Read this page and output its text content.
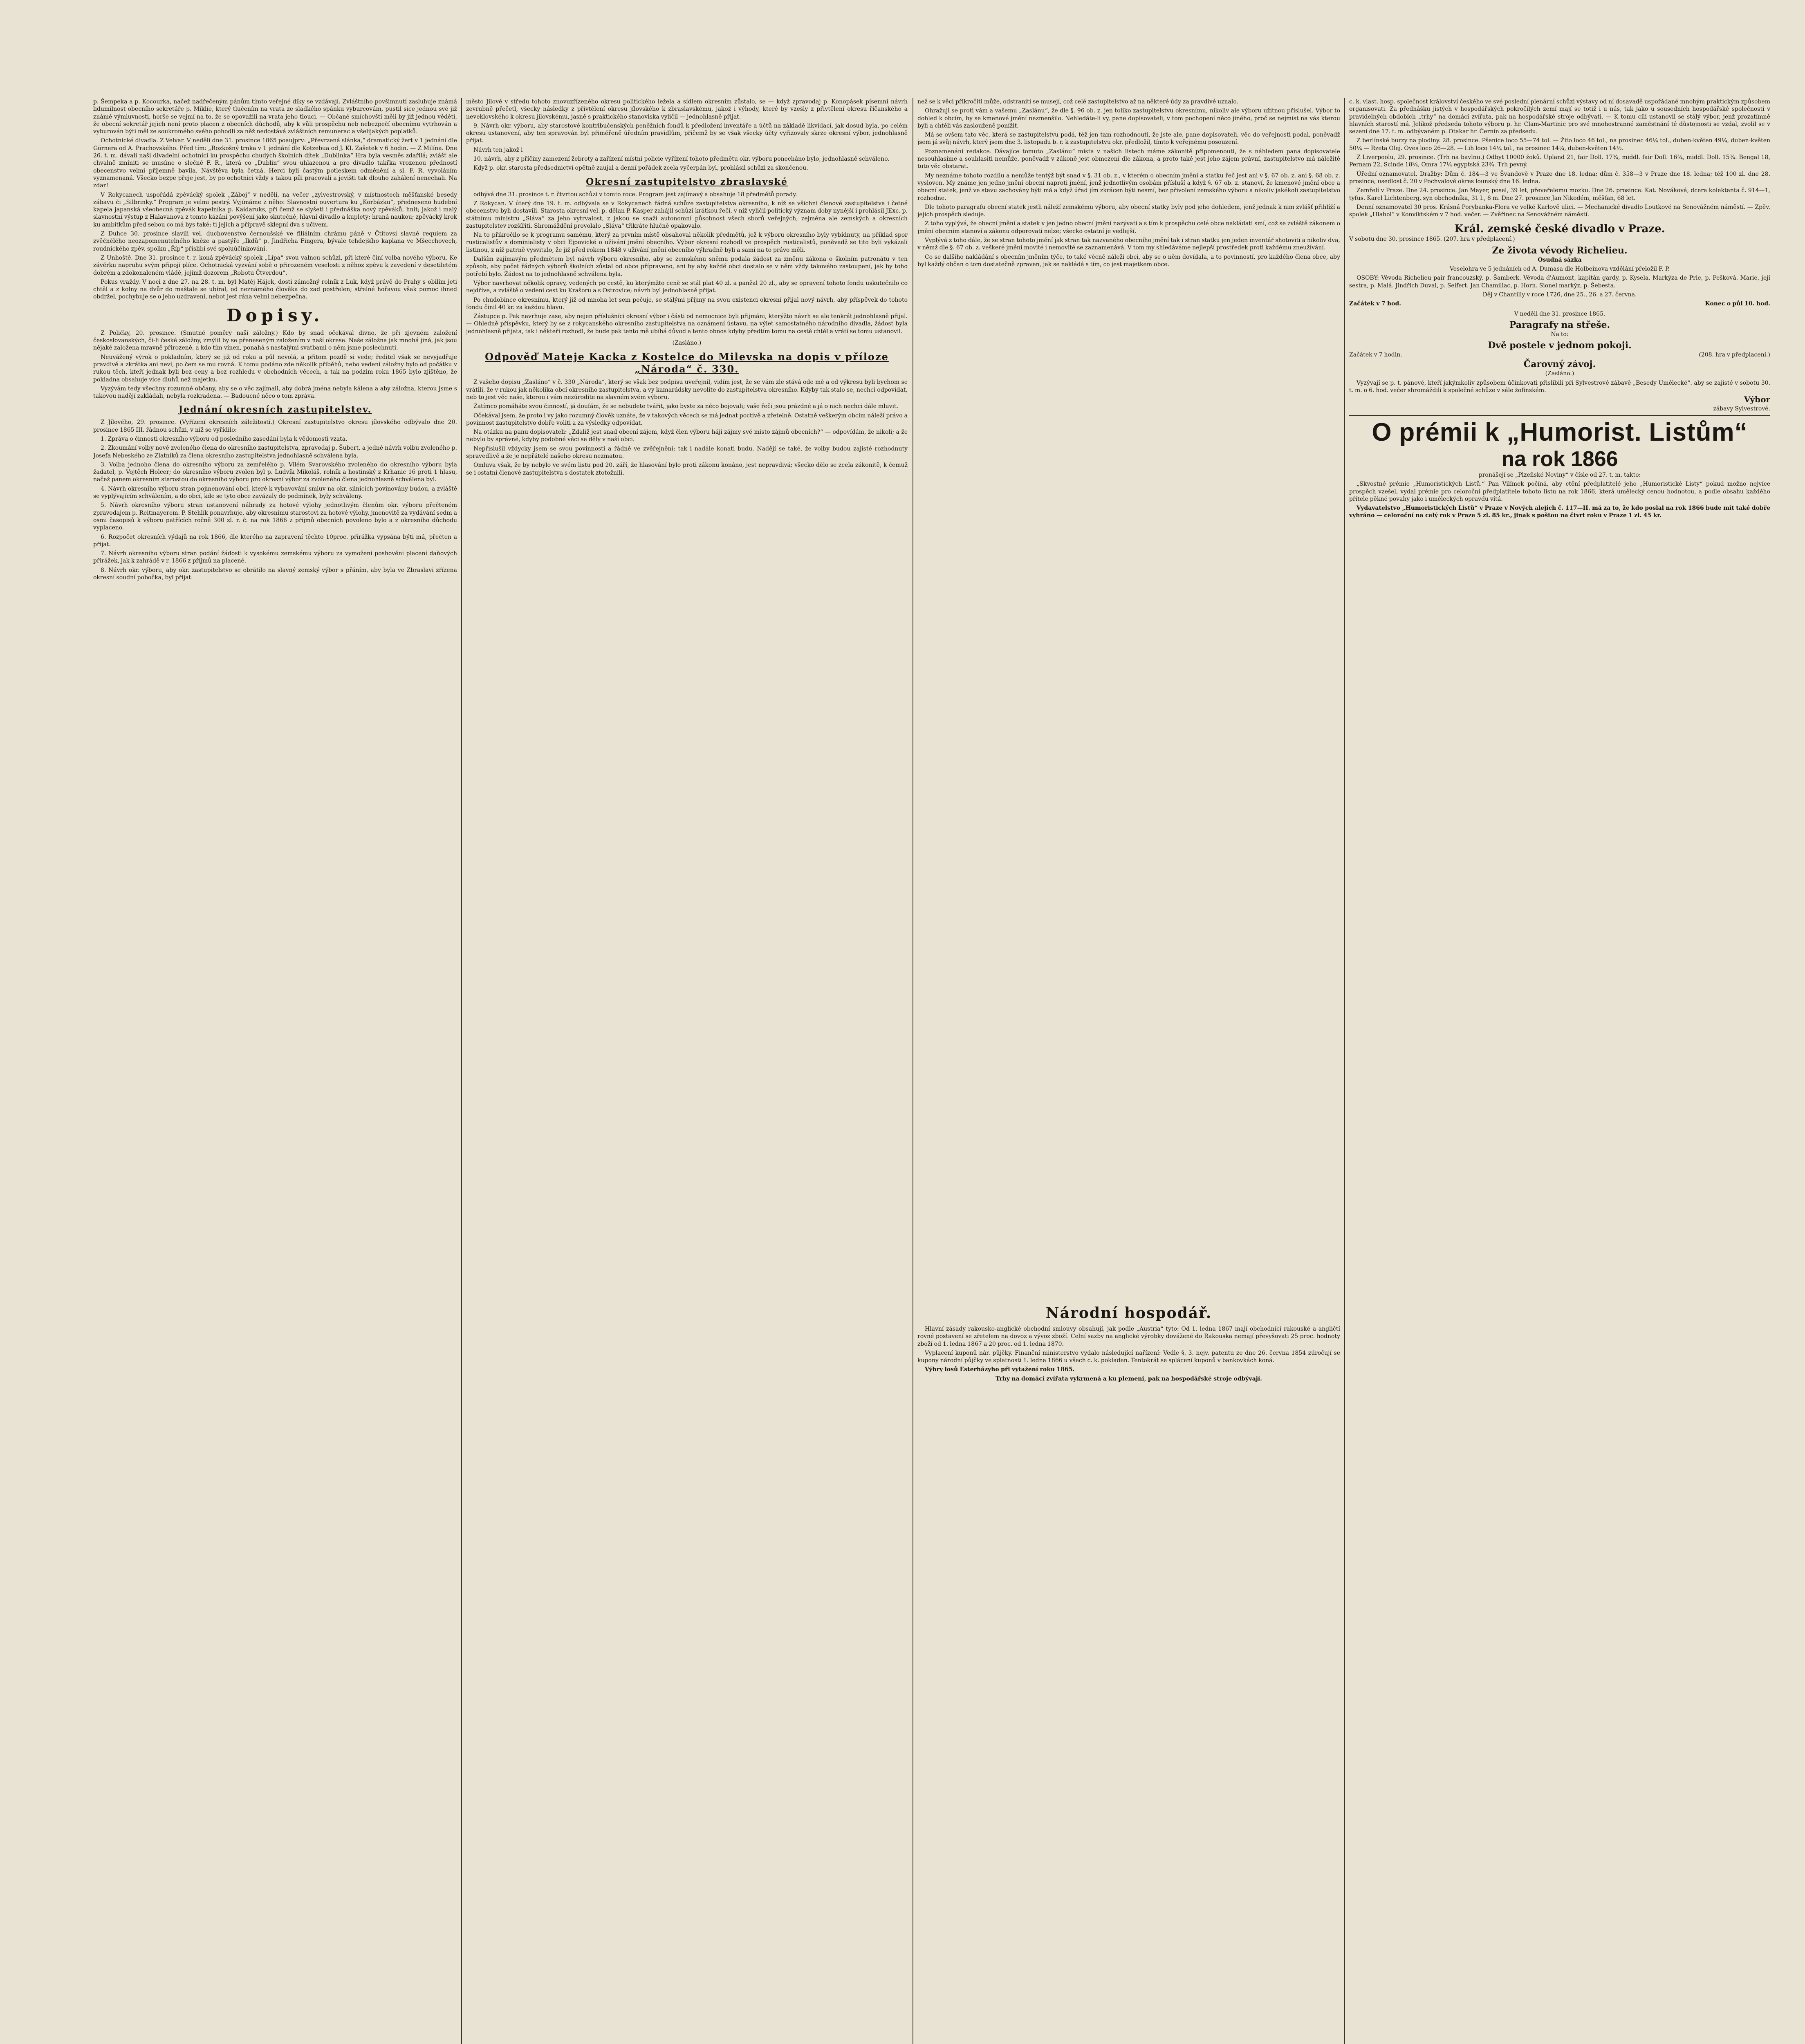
p. Šempeka a p. Kocourka, načež nadřečeným pánům tímto veřejné díky se vzdávají. Zvláštního povšimnutí zasluhuje známá lidumilnost obecního sekretáře p. Miklíe, který tlučením na vrata ze sladkého spánku vyburcovám, pustil sice jednou své již známé výmluvnosti, horše se vejmí na to, že se opovažili na vrata jeho tlouci. — Občané smíchovští měli by již jednou věděti, že obecní sekretář jejich není proto placen z obecních důchodů, aby k vůli prospěchu neb nebezpečí obecnímu vytrhován a vyburován býti měl ze soukromého svého pohodlí za něž nedostává zvláštních remunerac a všelijakých poplatků.

Ochotnické divadla. Z Velvar. V neděli dne 31. prosince 1865 poaujprv: „Převrzená slánka,“ dramatický žert v 1 jednání dle Görnera od A. Prachovského. Před tím: „Rozkošný trnka v 1 jednání dle Kotzebua od J. Kl. Zašetek v 6 hodin. — Z Milína. Dne 26. t. m. dávali naši divadelní ochotníci ku prospěchu chudých školních dítek „Dublinka“ Hra byla vesměs zdařilá; zvlášť ale chvalně zmíniti se musíme o slečně F. R., která co „Dublin“ svou uhlazenou a pro divadlo takřka vrozenou předností obecenstvo velmi příjemně bavila. Návštěva byla četná. Herci byli častým potleskem odměnění a sl. F. R. vyvoláním vyznamenaná. Všecko bezpe přeje jest, by po ochotnici vždy s takou píli pracovali a jevišti tak dlouho zahálení nenechali. Na zdar!

V Rokycanech uspořádá zpěvácký spolek „Záboj“ v neděli, na večer „zylvestrovský, v místnostech měšťanské besedy zábavu či „Silbrinky.“ Program je velmi pestrý. Vyjímáme z něho: Slavnostní ouvertura ku „Korbázku“, předneseno hudební kapela japanská všeobecná zpěvák kapelníka p. Kaidaruks, při čemž se slyšeti i přednáška nový zpěváků, hnit; jakož i malý slavnostní výstup z Halavanova z tomto kázání povýšení jako skutečné, hlavní divadlo a kuplety; hraná naukou; zpěvácký krok ku ambitkům před sebou co má bys také; ti jejich a přípravě sklepní dva s učivem.

Z Duhce 30. prosince slavili vel. duchovenstvo černoušské ve filiálním chrámu páně v Čtitovsi slavné requiem za zvěčnělého neozapomenutelného kněze a pastýře „Ikdů“ p. Jindřicha Fingera, bývale tehdejšího kaplana ve Mšecchovech, roudnického zpěv. spolku „Říp“ příslibi své spoluúčinkování.

Z Unhoště. Dne 31. prosince t. r. koná zpěvácký spolek „Lípa“ svou valnou schůzi, při které činí volba nového výboru. Ke závěrku napruhu svým připojí plíce. Ochotnická vyzvání sobě o přirozeném veselosti z něhoz zpěvu k zavedení v desetiletém dobrém a zdokonaleném vládě, jejímž dozorem „Robotu Čtverdou“.

Pokus vraždy. V noci z dne 27. na 28. t. m. byl Matěj Hájek, dosti zámožný rolník z Luk, když právě do Prahy s obilím jeti chtěl a z kolny na dvůr do maštale se ubíral, od neznámého člověka do zad postřelen; střelné hořavou však pomoc ihned obdržel, pochybuje se o jeho uzdravení, nebot jest rána velmi nebezpečna.

Dopisy.

Z Poličky, 20. prosince. (Smutné poměry naší záložny.) Kdo by snad očekával divno, že při zjevném založení českoslovanských, či-li české záložny, zmýlil by se přeneseným založením v naší okrese. Naše záložna jak mnohá jiná, jak jsou nějaké založena mravně přirozeně, a kdo tím vínen, ponahá s nastalými svatbami o něm jsme poslechnuti.

Neuvážený výrok o pokladním, který se již od roku a půl nevolá, a přitom pozdě si vede; ředitel však se nevyjadřuje pravdivě a zkrátka ani neví, po čem se mu rovná. K tomu podáno zde několik příběhů, nebo vedení záložny bylo od počátku v rukou těch, kteří jednak byli bez ceny a bez rozhledu v obchodních věcech, a tak na podzim roku 1865 bylo zjištěno, že pokladna obsahuje více dluhů než majetku.

Vyzývám tedy všechny rozumné občany, aby se o věc zajímali, aby dobrá jména nebyla kálena a aby záložna, kterou jsme s takovou nadějí zakládali, nebyla rozkradena. — Badoucné něco o tom zpráva.

Jednání okresních zastupitelstev.

Z Jílového, 29. prosince. (Vyřízení okresních záležitostí.) Okresní zastupitelstvo okresu jílovského odbývalo dne 20. prosince 1865 III. řádnou schůzi, v níž se vyřídilo:

1. Zpráva o činnosti okresního výboru od posledního zasedání byla k vědomosti vzata.

2. Zkoumání volby nově zvoleného člena do okresního zastupitelstva, zpravodaj p. Šubert, a jedné návrh volbu zvoleného p. Josefa Nebeského ze Zlatníků za člena okresního zastupitelstva jednohlasně schválena byla.

3. Volba jednoho člena do okresního výboru za zemřelého p. Vilém Svarovského zvoleného do okresního výboru byla žadatel, p. Vojtěch Holcer; do okresního výboru zvolen byl p. Ludvík Mikoláš, rolník a hostinský z Krhanic 16 proti 1 hlasu, načež panem okresním starostou do okresního výboru pro okresní výbor za zvoleného člena jednohlasně schválena byl.

4. Návrh okresního výboru stran pojmenování obcí, které k vybavování smluv na okr. silnicích povinovány budou, a zvláště se vyplývajícím schválením, a do obcí, kde se tyto obce zavázaly do podmínek, byly schváleny.

5. Návrh okresního výboru stran ustanovení náhrady za hotové výlohy jednotlivým členům okr. výboru přečteném zpravodajem p. Reitmayerem. P. Stehlík ponavrhuje, aby okresnímu starostovi za hotové výlohy, jmenovitě za vydávání sedm a osmi časopisů k výboru patřících ročně 300 zl. r. č. na rok 1866 z příjmů obecních povoleno bylo a z okresního důchodu vyplaceno.

6. Rozpočet okresních výdajů na rok 1866, dle kterého na zapravení těchto 10proc. přirážka vypsána býti má, přečten a přijat.

7. Návrh okresního výboru stran podání žádosti k vysokému zemskému výboru za vymožení poshověni placení daňových přirážek, jak k zahrádě v r. 1866 z příjmů na placené.

8. Návrh okr. výboru, aby okr. zastupitelstvo se obrátilo na slavný zemský výbor s přáním, aby byla ve Zbraslavi zřízena okresní soudní pobočka, byl přijat.

město Jílové v středu tohoto znovuzřízeného okresu politického ležela a sídlem okresním zůstalo, se — když zpravodaj p. Konopásek písemní návrh zevrubně přečetl, všecky následky z přivtělení okresu jílovského k zbraslavskému, jakož i výhody, které by vzešly z přivtělení okresu říčanského a neveklovského k okresu jílovskému, jasně s praktického stanoviska vyličil — jednohlasně přijat.

9. Návrh okr. výboru, aby starostové kontribučenských peněžních fondů k předložení inventáře a účtů na základě likvidací, jak dosud byla, po celém okresu ustanovení, aby ten spravován byl přiměřeně úředním pravidlům, přičemž by se však všecky účty vyřizovaly skrze okresní výbor, jednohlasně přijat.

Návrh ten jakož i

10. návrh, aby z příčiny zamezení žebroty a zařízení místní policie vyřízení tohoto předmětu okr. výboru ponecháno bylo, jednohlasně schváleno.

Když p. okr. starosta předsednictví opětně zaujal a denní pořádek zcela vyčerpán byl, prohlásil schůzi za skončenou.

Okresní zastupitelstvo zbraslavské

odbývá dne 31. prosince t. r. čtvrtou schůzi v tomto roce. Program jest zajímavý a obsahuje 18 předmětů porady.

Z Rokycan. V úterý dne 19. t. m. odbývala se v Rokycanech řádná schůze zastupitelstva okresního, k níž se všichni členové zastupitelstva i četné obecenstvo byli dostavili. Starosta okresní vel. p. dělan P. Kasper zahájil schůzi krátkou řečí, v níž vyličil politický význam doby nynější i prohlásil JExc. p. státnímu ministru „Sláva“ za jeho vytrvalost, z jakou se snaží autonomní působnost všech sborů veřejných, zejména ale zemských a okresních zastupitelstev rozšířiti. Shromáždění provolalo „Sláva“ třikráte hlučně opakovalo.

Na to přikročilo se k programu samému, který za prvním místě obsahoval několik předmětů, jež k výboru okresního byly vybídnuty, na příklad spor rusticalistův s dominialisty v obci Ejpovické o užívání jmění obecního. Výbor okresní rozhodl ve prospěch rusticalistů, poněvadž se tito byli vykázali listinou, z níž patrně vysvitalo, že již před rokem 1848 v užívání jmění obecního výhradně byli a sami na to právo měli.

Dalším zajímavým předmětem byl návrh výboru okresního, aby se zemskému sněmu podala žádost za změnu zákona o školním patronátu v ten způsob, aby počet řádných výborů školních zůstal od obce přípraveno, ani by aby každé obci dostalo se v něm vždy takového zastoupení, jak by toho potřebí bylo. Žádost na to jednohlasně schválena byla.

Výbor navrhovat několik opravy, vedených po cestě, ku kterýmžto ceně se stál plat 40 zl. a panžal 20 zl., aby se opravení tohoto fondu uskutečnilo co nejdříve, a zvláště o vedení cest ku Krašoru a s Ostrovice; návrh byl jednohlasně přijat.

Po chudobince okresnímu, který již od mnoha let sem pečuje, se stálými příjmy na svou existenci okresní přijal nový návrh, aby příspěvek do tohoto fondu činil 40 kr. za každou hlavu.

Zástupce p. Pek navrhuje zase, aby nejen příslušníci okresní výbor i části od nemocnice byli přijmáni, kterýžto návrh se ale tenkrát jednohlasně přijal. — Ohledně příspěvku, který by se z rokycanského okresního zastupitelstva na oznámení ústavu, na výlet samostatného národního divadla, žádost byla jednohlasně přijata, tak i někteří rozhodl, že bude pak tento mě ubíhá důvod a tento obnos kdyby předtím tomu na cestě chtěl a vrátí se tomu ustanovil.

(Zasláno.)
Odpověď Mateje Kacka z Kostelce do Milevska na dopis v příloze „Národa“ č. 330.

Z vašeho dopisu „Zasláno“ v č. 330 „Národa“, který se však bez podpisu uveřejnil, vidím jest, že se vám zle stává ode mě a od výkresu byli bychom se vrátili, že v rukou jak několika obcí okresního zastupitelstva, a vy kamarádsky nevolíte do zastupitelstva okresního. Kdyby tak stalo se, nechci odpovídat, neb to jest věc naše, kterou i vám nezúrodíte na slavném svém výboru.

Zatímco pomáháte svou činností, já doufám, že se nebudete tvářit, jako byste za něco bojovali; vaše řeči jsou prázdné a já o nich nechci dále mluvit.

Očekával jsem, že proto i vy jako rozumný člověk uznáte, že v takových věcech se má jednat poctivě a zřetelně. Ostatně veškerým obcím náleží právo a povinnost zastupitelstvo dobře voliti a za výsledky odpovídat.

Na otázku na panu dopisovateli: „Zdaliž jest snad obecní zájem, když člen výboru hájí zájmy své místo zájmů obecních?“ — odpovídám, že nikoli; a že nebylo by správné, kdyby podobné věci se děly v naší obci.

Nepřislušil vždycky jsem se svou povinností a řádně ve zvěřejnění; tak i nadále konati budu. Nadějí se také, že volby budou zajisté rozhodnuty spravedlivě a že je nepřátelé našeho okresu nezmatou.

Omluva však, že by nebylo ve svém listu pod 20. září, že hlasování bylo proti zákonu konáno, jest nepravdivá; všecko dělo se zcela zákonitě, k čemuž se i ostatní členové zastupitelstva s dostatek ztotožnili.

než se k věci přikročiti může, odstraniti se musejí, což celé zastupitelstvo až na některé údy za pravdivé uznalo.

Ohražuji se proti vám a vašemu „Zaslánu“, že dle §. 96 ob. z. jen toliko zastupitelstvu okresnímu, nikoliv ale výboru užitnou příslušel. Výbor to dohled k obcím, by se kmenové jmění nezmenšilo. Nehledáte-li vy, pane dopisovateli, v tom pochopení něco jiného, proč se nejmíst na vás kterou byli a chtěli vás zaslouženě ponížit.

Má se ovšem tato věc, která se zastupitelstvu podá, též jen tam rozhodnouti, že jste ale, pane dopisovateli, věc do veřejnosti podal, poněvadž jsem já svůj návrh, který jsem dne 3. listopadu b. r. k zastupitelstvu okr. předložil, tímto k veřejnému posouzení.

Poznamenání redakce. Dávajíce tomuto „Zaslánu“ místa v našich listech máme zákonitě připomenouti, že s náhledem pana dopisovatele nesouhlasíme a souhlasiti nemůže, poněvadž v zákoně jest obmezení dle zákona, a proto také jest jeho zájem právní, zastupitelstvo má náležitě tuto věc obstarat.

My neznáme tohoto rozdílu a nemůže tentýž být snad v §. 31 ob. z., v kterém o obecním jmění a statku řeč jest ani v §. 67 ob. z. ani §. 68 ob. z. vysloven. My známe jen jedno jmění obecní naproti jmění, jenž jednotlivým osobám přísluší a když §. 67 ob. z. stanoví, že kmenové jmění obce a obecní statek, jenž ve stavu zachovány býti má a když úřad jím zkrácen býti nesmí, bez přivolení zemského výboru a nikoliv jakékoli zastupitelstvo rozhodne.

Dle tohoto paragrafu obecní statek jestli náleží zemskému výboru, aby obecní statky byly pod jeho dohledem, jenž jednak k nim zvlášť přihlíží a jejich prospěch sleduje.

Z toho vyplývá, že obecní jmění a statek v jen jedno obecní jmění nazývati a s tím k prospěchu celé obce nakládati smí, což se zvláště zákonem o jmění obecním stanoví a zákonu odporovati nelze; všecko ostatní je vedlejší.

Vyplývá z toho dále, že se stran tohoto jmění jak stran tak nazvaného obecního jmění tak i stran statku jen jeden inventář shotoviti a nikoliv dva, v němž dle §. 67 ob. z. veškeré jmění movité i nemovité se zaznamenává. V tom my shledáváme nejlepší prostředek proti každému zneužívání.

Co se dalšího nakládání s obecním jměním týče, to také věcně náleží obci, aby se o něm dovídala, a to povinností, pro každého člena obce, aby byl každý občan o tom dostatečně zpraven, jak se nakládá s tím, co jest majetkem obce.

Národní hospodář.

Hlavní zásady rakousko-anglické obchodní smlouvy obsahují, jak podle „Austria“ tyto: Od 1. ledna 1867 mají obchodníci rakouské a angličtí rovné postavení se zřetelem na dovoz a vývoz zboží. Celní sazby na anglické výrobky dovážené do Rakouska nemají převyšovati 25 proc. hodnoty zboží od 1. ledna 1867 a 20 proc. od 1. ledna 1870.

Vyplacení kuponů nár. půjčky. Finanční ministerstvo vydalo následující nařízení: Vedle §. 3. nejv. patentu ze dne 26. června 1854 zúročují se kupony národní půjčky ve splatnosti 1. ledna 1866 u všech c. k. pokladen. Tentokrát se splácení kuponů v bankovkách koná.

Výhry losů Esterházyho při vytažení roku 1865.

Trhy na domácí zvířata vykrmená a ku plemeni, pak na hospodářské stroje odbývají.

c. k. vlast. hosp. společnost království českého ve své poslední plenární schůzi výstavy od ní dosavadě uspořádané mnohým praktickým způsobem organisovati. Za přednášku jistých v hospodářských pokročilých zemí mají se totiž i u nás, tak jako u sousedních hospodářské společnosti v pravidelných obdobích „trhy“ na domácí zvířata, pak na hospodářské stroje odbývati. — K tomu cíli ustanovil se stálý výbor, jenž prozatímně hlavních starostí má. Jelikož předseda tohoto výboru p. hr. Clam-Martinic pro své mnohostranné zaměstnání té důstojnosti se vzdal, zvolil se v sezení dne 17. t. m. odbývaném p. Otakar hr. Černín za předsedu.

Z berlínské burzy na plodiny. 28. prosince. Pšenice loco 55—74 tol. — Žito loco 46 tol., na prosinec 46¼ tol., duben-květen 49¼, duben-květen 50¼ — Rzeta Olej. Oves loco 26—28. — Lih loco 14¼ tol., na prosinec 14¼, duben-květen 14½.

Z Liverpoolu, 29. prosince. (Trh na bavlnu.) Odbyt 10000 žoků. Upland 21, fair Doll. 17¾, middl. fair Doll. 16¾, middl. Doll. 15¾. Bengal 18, Pernam 22, Scinde 18¾, Omra 17¼ egyptská 23¾. Trh pevný.

Úřední oznamovatel. Dražby: Dům č. 184—3 ve Švandově v Praze dne 18. ledna; dům č. 358—3 v Praze dne 18. ledna; též 100 zl. dne 28. prosince; usedlost č. 20 v Pochvalově okres lounský dne 16. ledna.

Zemřelí v Praze. Dne 24. prosince. Jan Mayer, posel, 39 let, převeřelemu mozku. Dne 26. prosince: Kat. Nováková, dcera kolektanta č. 914—1, tyfus. Karel Lichtenberg, syn obchodníka, 31 l., 8 m. Dne 27. prosince Jan Nikodém, měšťan, 68 let.

Denní oznamovatel 30 pros. Krásná Porybanka-Flora ve velké Karlově ulici. — Mechanické divadlo Loutkové na Senovážném náměstí. — Zpěv. spolek „Hlahol“ v Konviktském v 7 hod. večer. — Zvěřinec na Senovážném náměstí.

Král. zemské české divadlo v Praze.

V sobotu dne 30. prosince 1865. (207. hra v předplacení.)

Ze života vévody Richelieu.

Osudná sázka

Veselohra ve 5 jednáních od A. Dumasa dle Holbeinova vzdělání přeložil F. P.

OSOBY: Vévoda Richelieu pair francouzský, p. Šamberk. Vévoda ď'Aumont, kapitán gardy, p. Kysela. Markýza de Prie, p. Pešková. Marie, její sestra, p. Malá. Jindřich Duval, p. Seifert. Jan Chamillac, p. Horn. Sionel markýz, p. Šebesta.

Děj v Chantilly v roce 1726, dne 25., 26. a 27. června.

Začátek v 7 hod.	Konec o půl 10. hod.

V neděli dne 31. prosince 1865.

Paragrafy na střeše.

Na to:

Dvě postele v jednom pokoji.
Začátek v 7 hodin.	(208. hra v předplacení.)
Čarovný závoj.

(Zasláno.)

Vyzývají se p. t. pánové, kteří jakýmkoliv způsobem účinkovati přislíbili při Sylvestrové zábavě „Besedy Umělecké“. aby se zajisté v sobotu 30. t. m. o 6. hod. večer shromáždili k společné schůze v sále žofínském.

Výbor

zábavy Sylvestrové.

O prémii k „Humorist. Listům“
na rok 1866

pronášejí se „Plzeňské Noviny“ v čísle od 27. t. m. takto:

„Skvostné prémie „Humoristických Listů.“ Pan Vilímek počíná, aby ctění předplatitelé jeho „Humoristické Listy“ pokud možno nejvíce prospěch vzešel, vydal prémie pro celoroční předplatitele tohoto listu na rok 1866, která umělecký cenou hodnotou, a podle obsahu každého přítele pěkné povahy jako i uměleckých opravdu vítá.

Vydavatelstvo „Humoristických Listů“ v Praze v Nových alejích č. 117—II. má za to, že kdo poslal na rok 1866 bude mít také dobře vyhráno — celoroční na celý rok v Praze 5 zl. 85 kr., jinak s poštou na čtvrt roku v Praze 1 zl. 45 kr.
